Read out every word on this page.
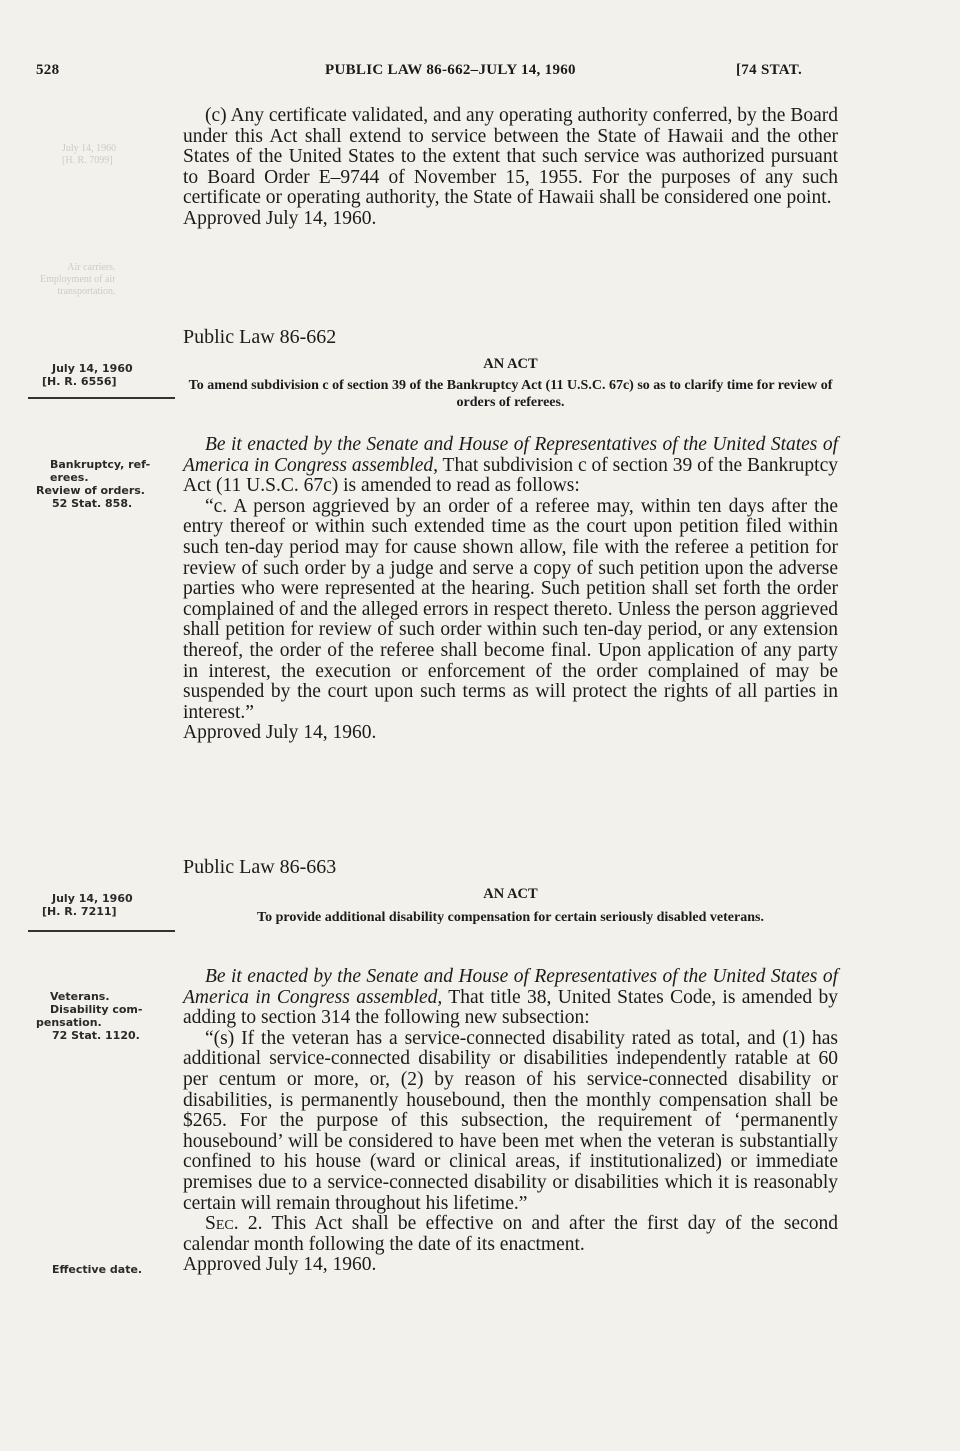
528	PUBLIC LAW 86-662–JULY 14, 1960	[74 STAT.
July 14, 1960
[H. R. 7099]
Air carriers.
Employment of air
transportation.

(c) Any certificate validated, and any operating authority conferred, by the Board under this Act shall extend to service between the State of Hawaii and the other States of the United States to the extent that such service was authorized pursuant to Board Order E–9744 of November 15, 1955. For the purposes of any such certificate or operating authority, the State of Hawaii shall be considered one point.

Approved July 14, 1960.

Public Law 86-662
AN ACT
To amend subdivision c of section 39 of the Bankruptcy Act (11 U.S.C. 67c) so as to clarify time for review of orders of referees.
July 14, 1960
[H. R. 6556]
Bankruptcy, ref-
erees.
Review of orders.
52 Stat. 858.

Be it enacted by the Senate and House of Representatives of the United States of America in Congress assembled, That subdivision c of section 39 of the Bankruptcy Act (11 U.S.C. 67c) is amended to read as follows:

“c. A person aggrieved by an order of a referee may, within ten days after the entry thereof or within such extended time as the court upon petition filed within such ten-day period may for cause shown allow, file with the referee a petition for review of such order by a judge and serve a copy of such petition upon the adverse parties who were represented at the hearing. Such petition shall set forth the order complained of and the alleged errors in respect thereto. Unless the person aggrieved shall petition for review of such order within such ten-day period, or any extension thereof, the order of the referee shall become final. Upon application of any party in interest, the execution or enforcement of the order complained of may be suspended by the court upon such terms as will protect the rights of all parties in interest.”

Approved July 14, 1960.

Public Law 86-663
AN ACT
To provide additional disability compensation for certain seriously disabled veterans.
July 14, 1960
[H. R. 7211]
Veterans.
Disability com-
pensation.
72 Stat. 1120.

Be it enacted by the Senate and House of Representatives of the United States of America in Congress assembled, That title 38, United States Code, is amended by adding to section 314 the following new subsection:

“(s) If the veteran has a service-connected disability rated as total, and (1) has additional service-connected disability or disabilities independently ratable at 60 per centum or more, or, (2) by reason of his service-connected disability or disabilities, is permanently housebound, then the monthly compensation shall be $265. For the purpose of this subsection, the requirement of ‘permanently housebound’ will be considered to have been met when the veteran is substantially confined to his house (ward or clinical areas, if institutionalized) or immediate premises due to a service-connected disability or disabilities which it is reasonably certain will remain throughout his lifetime.”

Sec. 2. This Act shall be effective on and after the first day of the second calendar month following the date of its enactment.

Approved July 14, 1960.

Effective date.
